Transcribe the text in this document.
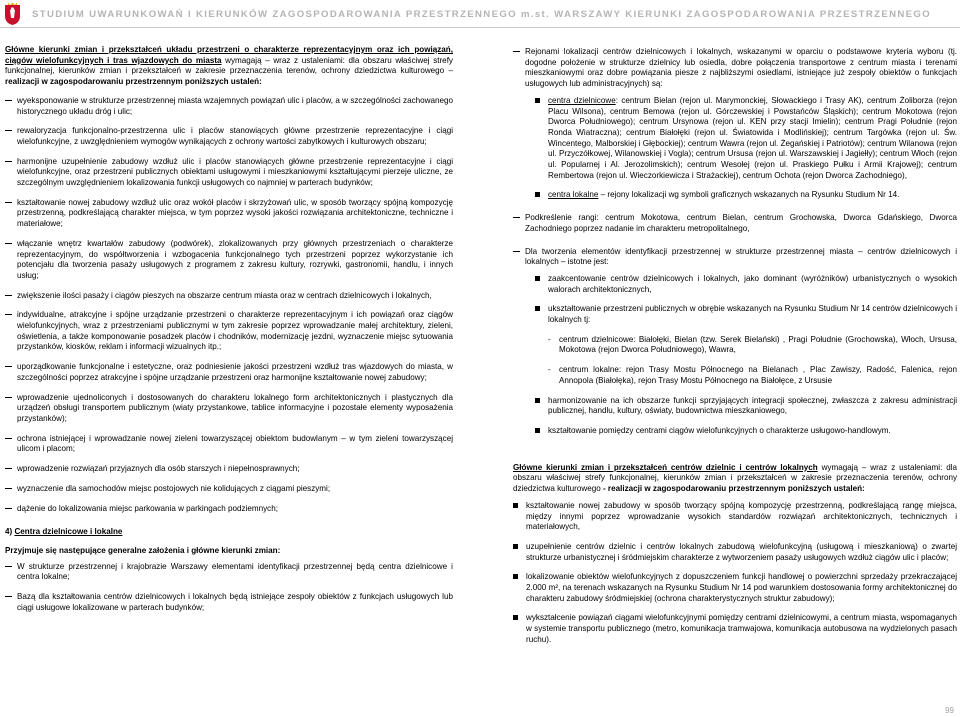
STUDIUM UWARUNKOWAŃ I KIERUNKÓW ZAGOSPODAROWANIA PRZESTRZENNEGO m.st. WARSZAWY KIERUNKI ZAGOSPODAROWANIA PRZESTRZENNEGO

Główne kierunki zmian i przekształceń układu przestrzeni o charakterze reprezentacyjnym oraz ich powiązań, ciągów wielofunkcyjnych i tras wjazdowych do miasta wymagają – wraz z ustaleniami: dla obszaru właściwej strefy funkcjonalnej, kierunków zmian i przekształceń w zakresie przeznaczenia terenów, ochrony dziedzictwa kulturowego – realizacji w zagospodarowaniu przestrzennym poniższych ustaleń:

wyeksponowanie w strukturze przestrzennej miasta wzajemnych powiązań ulic i placów, a w szczególności zachowanego historycznego układu dróg i ulic;
rewaloryzacja funkcjonalno-przestrzenna ulic i placów stanowiących główne przestrzenie reprezentacyjne i ciągi wielofunkcyjne, z uwzględnieniem wymogów wynikających z ochrony wartości zabytkowych i kulturowych obszaru;
harmonijne uzupełnienie zabudowy wzdłuż ulic i placów stanowiących główne przestrzenie reprezentacyjne i ciągi wielofunkcyjne, oraz przestrzeni publicznych obiektami usługowymi i mieszkaniowymi kształtującymi pierzeje uliczne, ze szczególnym uwzględnieniem lokalizowania funkcji usługowych co najmniej w parterach budynków;
kształtowanie nowej zabudowy wzdłuż ulic oraz wokół placów i skrzyżowań ulic, w sposób tworzący spójną kompozycję przestrzenną, podkreślającą charakter miejsca, w tym poprzez wysoki jakości rozwiązania architektoniczne, techniczne i materiałowe;
włączanie wnętrz kwartałów zabudowy (podwórek), zlokalizowanych przy głównych przestrzeniach o charakterze reprezentacyjnym, do współtworzenia i wzbogacenia funkcjonalnego tych przestrzeni poprzez wykorzystanie ich potencjału dla tworzenia pasaży usługowych z programem z zakresu kultury, rozrywki, gastronomii, handlu, i innych usług;
zwiększenie ilości pasaży i ciągów pieszych na obszarze centrum miasta oraz w centrach dzielnicowych i lokalnych,
indywidualne, atrakcyjne i spójne urządzanie przestrzeni o charakterze reprezentacyjnym i ich powiązań oraz ciągów wielofunkcyjnych, wraz z przestrzeniami publicznymi w tym zakresie poprzez wprowadzanie małej architektury, zieleni, oświetlenia, a także komponowanie posadzek placów i chodników, modernizację jezdni, wyznaczenie miejsc sytuowania przystanków, kiosków, reklam i informacji wizualnych itp.;
uporządkowanie funkcjonalne i estetyczne, oraz podniesienie jakości przestrzeni wzdłuż tras wjazdowych do miasta, w szczególności poprzez atrakcyjne i spójne urządzanie przestrzeni oraz harmonijne kształtowanie nowej zabudowy;
wprowadzenie ujednoliconych i dostosowanych do charakteru lokalnego form architektonicznych i plastycznych dla urządzeń obsługi transportem publicznym (wiaty przystankowe, tablice informacyjne i pozostałe elementy wyposażenia przystanków);
ochrona istniejącej i wprowadzanie nowej zieleni towarzyszącej obiektom budowlanym – w tym zieleni towarzyszącej ulicom i placom;
wprowadzenie rozwiązań przyjaznych dla osób starszych i niepełnosprawnych;
wyznaczenie dla samochodów miejsc postojowych nie kolidujących z ciągami pieszymi;
dążenie do lokalizowania miejsc parkowania w parkingach podziemnych;
4) Centra dzielnicowe i lokalne

Przyjmuje się następujące generalne założenia i główne kierunki zmian:

W strukturze przestrzennej i krajobrazie Warszawy elementami identyfikacji przestrzennej będą centra dzielnicowe i centra lokalne;
Bazą dla kształtowania centrów dzielnicowych i lokalnych będą istniejące zespoły obiektów z funkcjach usługowych lub ciągi usługowe lokalizowane w parterach budynków;
Rejonami lokalizacji centrów dzielnicowych i lokalnych, wskazanymi w oparciu o podstawowe kryteria wyboru (tj. dogodne położenie w strukturze dzielnicy lub osiedla, dobre połączenia transportowe z centrum miasta i terenami mieszkaniowymi oraz dobre powiązania piesze z najbliższymi osiedlami, istniejące już zespoły obiektów o funkcjach usługowych lub administracyjnych) są:
centra dzielnicowe: centrum Bielan (rejon ul. Marymonckiej, Słowackiego i Trasy AK), centrum Żoliborza (rejon Placu Wilsona), centrum Bemowa (rejon ul. Górczewskiej i Powstańców Śląskich); centrum Mokotowa (rejon Dworca Południowego); centrum Ursynowa (rejon ul. KEN przy stacji Imielin); centrum Pragi Południe (rejon Ronda Wiatraczna); centrum Białołęki (rejon ul. Światowida i Modlińskiej); centrum Targówka (rejon ul. Św. Wincentego, Malborskiej i Głębockiej); centrum Wawra (rejon ul. Żegańskiej i Patriotów); centrum Wilanowa (rejon ul. Przyczółkowej, Wilanowskiej i Vogla); centrum Ursusa (rejon ul. Warszawskiej i Jagiełły); centrum Włoch (rejon ul. Popularnej i Al. Jerozolimskich); centrum Wesołej (rejon ul. Praskiego Pułku i Armii Krajowej); centrum Rembertowa (rejon ul. Wieczorkiewicza i Strażackiej), centrum Ochota (rejon Dworca Zachodniego),
centra lokalne – rejony lokalizacji wg symboli graficznych wskazanych na Rysunku Studium Nr 14.
Podkreślenie rangi: centrum Mokotowa, centrum Bielan, centrum Grochowska, Dworca Gdańskiego, Dworca Zachodniego poprzez nadanie im charakteru metropolitalnego,
Dla tworzenia elementów identyfikacji przestrzennej w strukturze przestrzennej miasta – centrów dzielnicowych i lokalnych – istotne jest:
zaakcentowanie centrów dzielnicowych i lokalnych, jako dominant (wyróżników) urbanistycznych o wysokich walorach architektonicznych,
ukształtowanie przestrzeni publicznych w obrębie wskazanych na Rysunku Studium Nr 14 centrów dzielnicowych i lokalnych tj:
- centrum dzielnicowe: Białołęki, Bielan (tzw. Serek Bielański) , Pragi Południe (Grochowska), Włoch, Ursusa, Mokotowa (rejon Dworca Południowego), Wawra,
- centrum lokalne: rejon Trasy Mostu Północnego na Bielanach , Plac Zawiszy, Radość, Falenica, rejon Annopola (Białołęka), rejon Trasy Mostu Północnego na Białołęce, z Ursusie
harmonizowanie na ich obszarze funkcji sprzyjających integracji społecznej, zwłaszcza z zakresu administracji publicznej, handlu, kultury, oświaty, budownictwa mieszkaniowego,
kształtowanie pomiędzy centrami ciągów wielofunkcyjnych o charakterze usługowo-handlowym.

Główne kierunki zmian i przekształceń centrów dzielnic i centrów lokalnych wymagają – wraz z ustaleniami: dla obszaru właściwej strefy funkcjonalnej, kierunków zmian i przekształceń w zakresie przeznaczenia terenów, ochrony dziedzictwa kulturowego - realizacji w zagospodarowaniu przestrzennym poniższych ustaleń:

kształtowanie nowej zabudowy w sposób tworzący spójną kompozycję przestrzenną, podkreślającą rangę miejsca, między innymi poprzez wprowadzanie wysokich standardów rozwiązań architektonicznych, technicznych i materiałowych,
uzupełnienie centrów dzielnic i centrów lokalnych zabudową wielofunkcyjną (usługową i mieszkaniową) o zwartej strukturze urbanistycznej i śródmiejskim charakterze z wytworzeniem pasaży usługowych wzdłuż ciągów ulic i placów;
lokalizowanie obiektów wielofunkcyjnych z dopuszczeniem funkcji handlowej o powierzchni sprzedaży przekraczającej 2.000 m², na terenach wskazanych na Rysunku Studium Nr 14 pod warunkiem dostosowania formy architektonicznej do charakteru zabudowy śródmiejskiej (ochrona charakterystycznych struktur zabudowy);
wykształcenie powiązań ciągami wielofunkcyjnymi pomiędzy centrami dzielnicowymi, a centrum miasta, wspomaganych w systemie transportu publicznego (metro, komunikacja tramwajowa, komunikacja autobusowa na wydzielonych pasach ruchu).
99
